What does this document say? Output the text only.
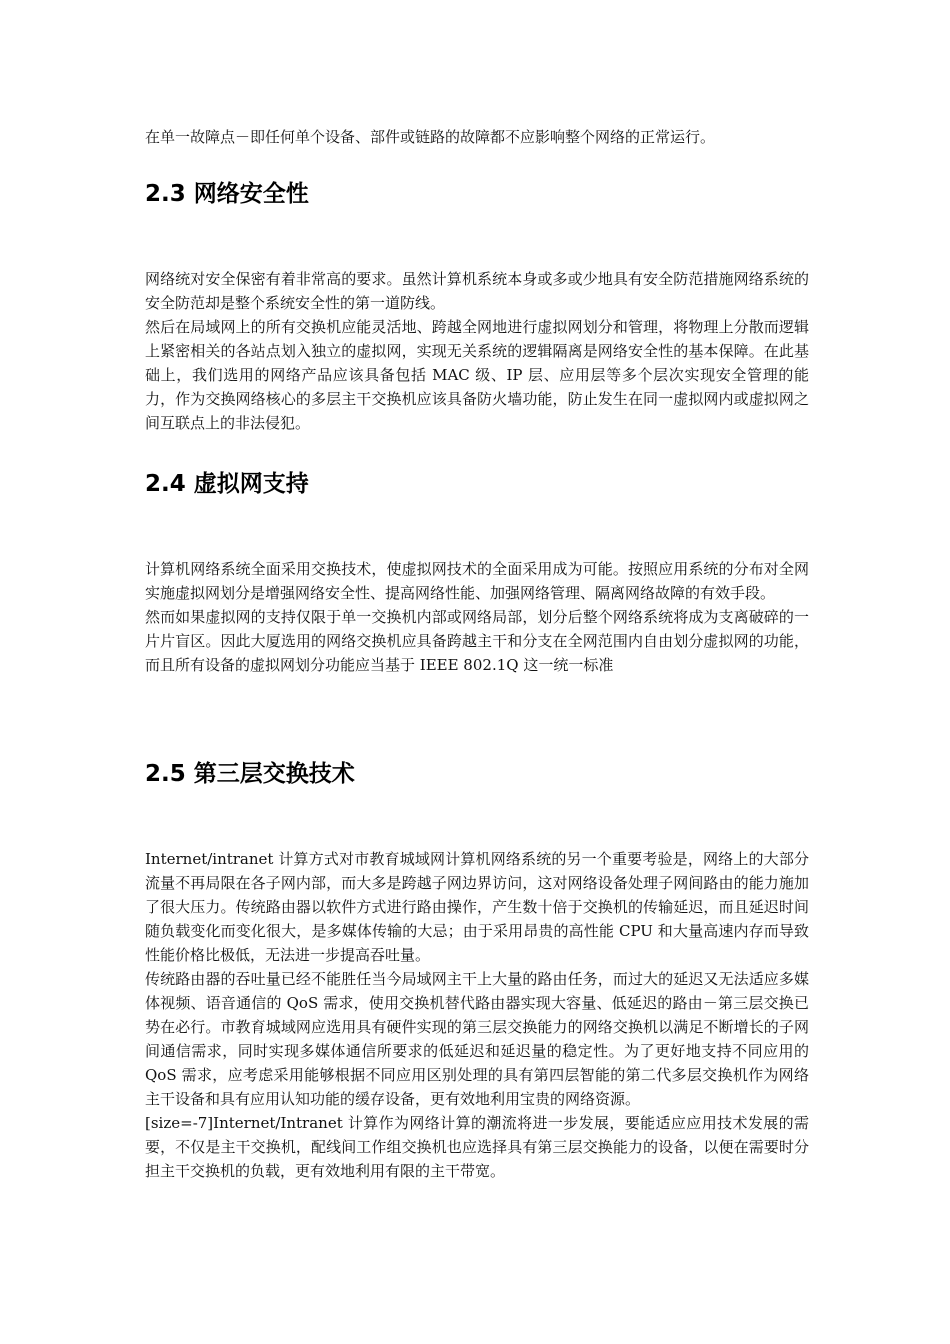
在单一故障点－即任何单个设备、部件或链路的故障都不应影响整个网络的正常运行。

2.3 网络安全性

网络统对安全保密有着非常高的要求。虽然计算机系统本身或多或少地具有安全防范措施网络系统的安全防范却是整个系统安全性的第一道防线。

然后在局域网上的所有交换机应能灵活地、跨越全网地进行虚拟网划分和管理，将物理上分散而逻辑上紧密相关的各站点划入独立的虚拟网，实现无关系统的逻辑隔离是网络安全性的基本保障。在此基础上，我们选用的网络产品应该具备包括 MAC 级、IP 层、应用层等多个层次实现安全管理的能力，作为交换网络核心的多层主干交换机应该具备防火墙功能，防止发生在同一虚拟网内或虚拟网之间互联点上的非法侵犯。

2.4 虚拟网支持

计算机网络系统全面采用交换技术，使虚拟网技术的全面采用成为可能。按照应用系统的分布对全网实施虚拟网划分是增强网络安全性、提高网络性能、加强网络管理、隔离网络故障的有效手段。

然而如果虚拟网的支持仅限于单一交换机内部或网络局部，划分后整个网络系统将成为支离破碎的一片片盲区。因此大厦选用的网络交换机应具备跨越主干和分支在全网范围内自由划分虚拟网的功能，而且所有设备的虚拟网划分功能应当基于 IEEE 802.1Q 这一统一标准

2.5 第三层交换技术

Internet/intranet 计算方式对市教育城域网计算机网络系统的另一个重要考验是，网络上的大部分流量不再局限在各子网内部，而大多是跨越子网边界访问，这对网络设备处理子网间路由的能力施加了很大压力。传统路由器以软件方式进行路由操作，产生数十倍于交换机的传输延迟，而且延迟时间随负载变化而变化很大，是多媒体传输的大忌；由于采用昂贵的高性能 CPU 和大量高速内存而导致性能价格比极低，无法进一步提高吞吐量。

传统路由器的吞吐量已经不能胜任当今局域网主干上大量的路由任务，而过大的延迟又无法适应多媒体视频、语音通信的 QoS 需求，使用交换机替代路由器实现大容量、低延迟的路由－第三层交换已势在必行。市教育城域网应选用具有硬件实现的第三层交换能力的网络交换机以满足不断增长的子网间通信需求，同时实现多媒体通信所要求的低延迟和延迟量的稳定性。为了更好地支持不同应用的 QoS 需求，应考虑采用能够根据不同应用区别处理的具有第四层智能的第二代多层交换机作为网络主干设备和具有应用认知功能的缓存设备，更有效地利用宝贵的网络资源。

[size=-7]Internet/Intranet 计算作为网络计算的潮流将进一步发展，要能适应应用技术发展的需要，不仅是主干交换机，配线间工作组交换机也应选择具有第三层交换能力的设备，以便在需要时分担主干交换机的负载，更有效地利用有限的主干带宽。
